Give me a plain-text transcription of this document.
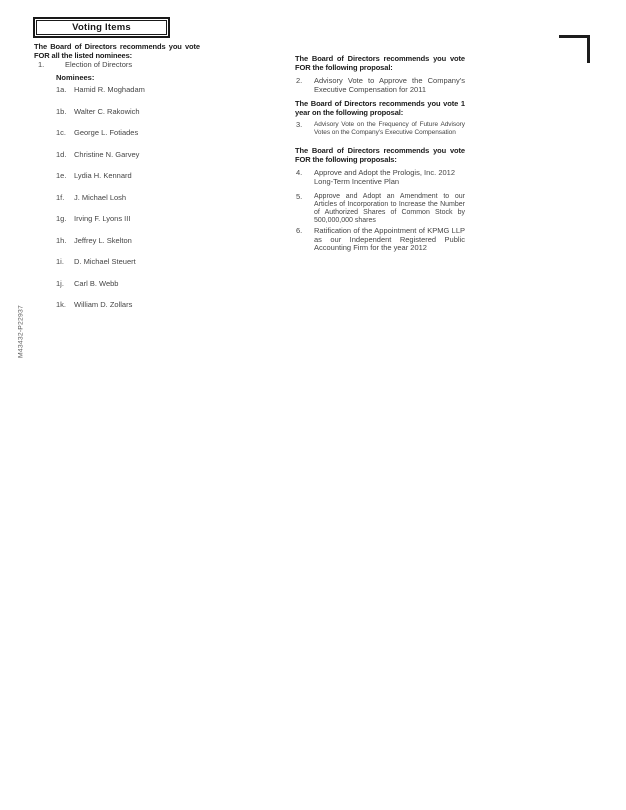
Voting Items
M43432-P22937
The Board of Directors recommends you vote FOR all the listed nominees:
1.	Election of Directors
Nominees:
1a.	Hamid R. Moghadam
1b.	Walter C. Rakowich
1c.	George L. Fotiades
1d.	Christine N. Garvey
1e.	Lydia H. Kennard
1f.	J. Michael Losh
1g.	Irving F. Lyons III
1h.	Jeffrey L. Skelton
1i.	D. Michael Steuert
1j.	Carl B. Webb
1k.	William D. Zollars
The Board of Directors recommends you vote FOR the following proposal:
2.	Advisory Vote to Approve the Company’s Executive Compensation for 2011
The Board of Directors recommends you vote 1 year on the following proposal:
3.	Advisory Vote on the Frequency of Future Advisory Votes on the Company’s Executive Compensation
The Board of Directors recommends you vote FOR the following proposals:
4.	Approve and Adopt the Prologis, Inc. 2012 Long-Term Incentive Plan
5.	Approve and Adopt an Amendment to our Articles of Incorporation to Increase the Number of Authorized Shares of Common Stock by 500,000,000 shares
6.	Ratification of the Appointment of KPMG LLP as our Independent Registered Public Accounting Firm for the year 2012
